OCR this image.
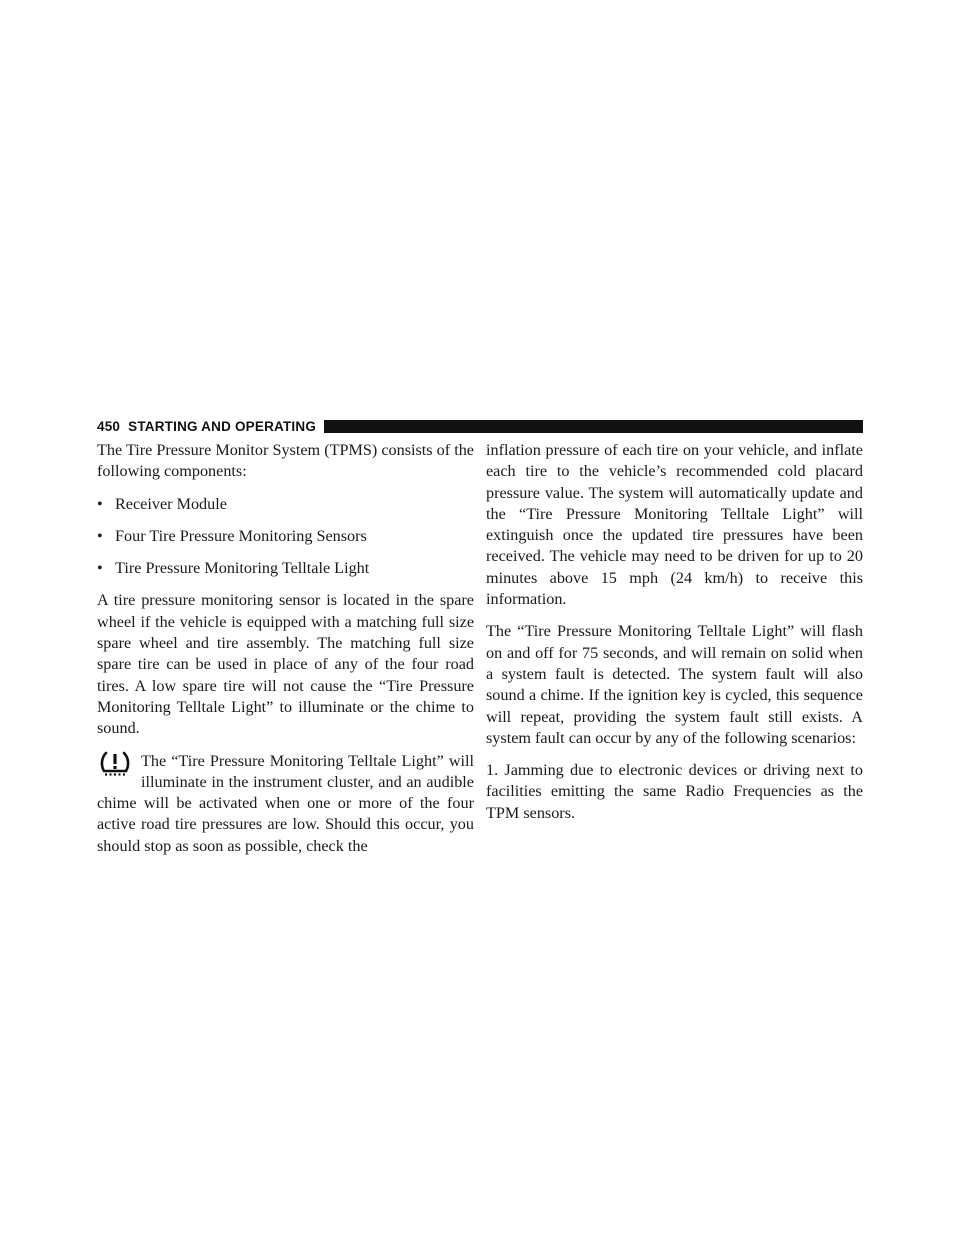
450 STARTING AND OPERATING

The Tire Pressure Monitor System (TPMS) consists of the following components:

• Receiver Module
• Four Tire Pressure Monitoring Sensors
• Tire Pressure Monitoring Telltale Light

A tire pressure monitoring sensor is located in the spare wheel if the vehicle is equipped with a matching full size spare wheel and tire assembly. The matching full size spare tire can be used in place of any of the four road tires. A low spare tire will not cause the “Tire Pressure Monitoring Telltale Light” to illuminate or the chime to sound.

The “Tire Pressure Monitoring Telltale Light” will illuminate in the instrument cluster, and an audible chime will be activated when one or more of the four active road tire pressures are low. Should this occur, you should stop as soon as possible, check the

inflation pressure of each tire on your vehicle, and inflate each tire to the vehicle’s recommended cold placard pressure value. The system will automatically update and the “Tire Pressure Monitoring Telltale Light” will extinguish once the updated tire pressures have been received. The vehicle may need to be driven for up to 20 minutes above 15 mph (24 km/h) to receive this information.

The “Tire Pressure Monitoring Telltale Light” will flash on and off for 75 seconds, and will remain on solid when a system fault is detected. The system fault will also sound a chime. If the ignition key is cycled, this sequence will repeat, providing the system fault still exists. A system fault can occur by any of the following scenarios:

1. Jamming due to electronic devices or driving next to facilities emitting the same Radio Frequencies as the TPM sensors.
